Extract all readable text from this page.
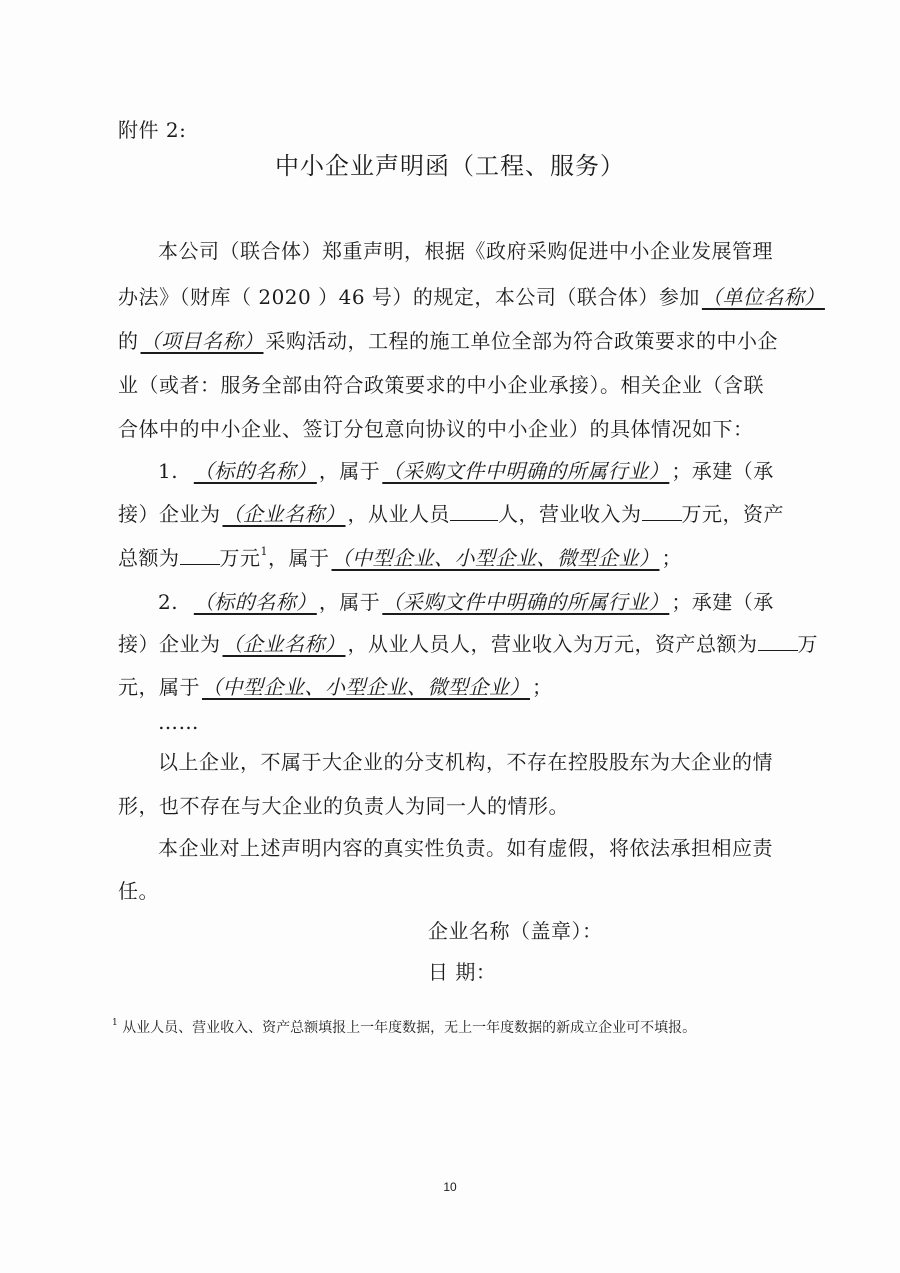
附件 2:
中小企业声明函（工程、服务）
本公司（联合体）郑重声明，根据《政府采购促进中小企业发展管理
办法》（财库（ 2020 ）46 号）的规定，本公司（联合体）参加 （单位名称）
的 （项目名称） 采购活动，工程的施工单位全部为符合政策要求的中小企
业（或者：服务全部由符合政策要求的中小企业承接）。相关企业（含联
合体中的中小企业、签订分包意向协议的中小企业）的具体情况如下：
1. （标的名称） ，属于 （采购文件中明确的所属行业） ；承建（承
接）企业为 （企业名称） ，从业人员 人，营业收入为 万元，资产
总额为 万元$^1$，属于 （中型企业、小型企业、微型企业） ；
2. （标的名称） ，属于 （采购文件中明确的所属行业） ；承建（承
接）企业为 （企业名称） ，从业人员人，营业收入为万元，资产总额为 万
元，属于 （中型企业、小型企业、微型企业） ；
……
以上企业，不属于大企业的分支机构，不存在控股股东为大企业的情
形，也不存在与大企业的负责人为同一人的情形。
本企业对上述声明内容的真实性负责。如有虚假，将依法承担相应责
任。
企业名称（盖章）：
日 期：
$^1$ 从业人员、营业收入、资产总额填报上一年度数据，无上一年度数据的新成立企业可不填报。
10
